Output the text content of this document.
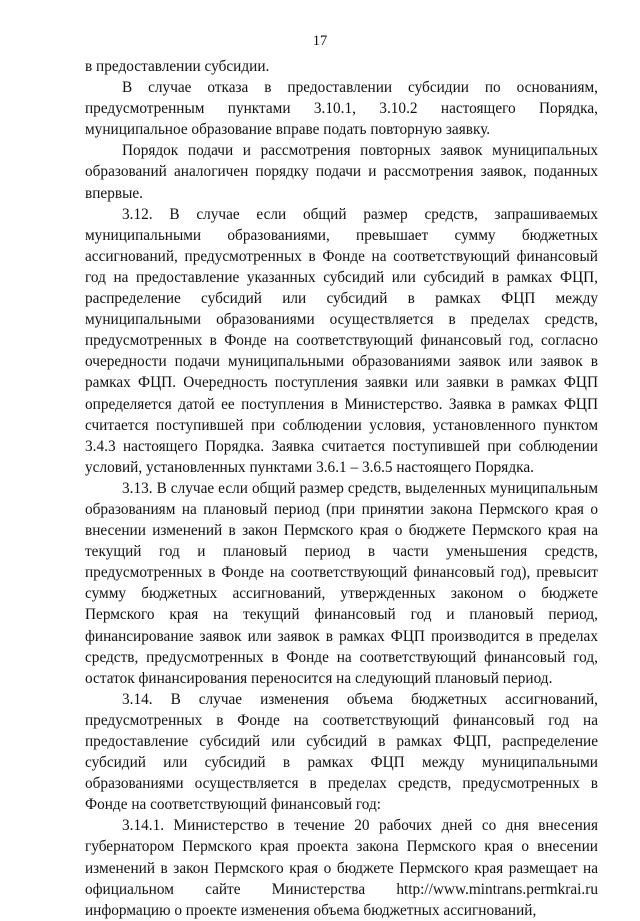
17

в предоставлении субсидии.

В случае отказа в предоставлении субсидии по основаниям, предусмотренным пунктами 3.10.1, 3.10.2 настоящего Порядка, муниципальное образование вправе подать повторную заявку.

Порядок подачи и рассмотрения повторных заявок муниципальных образований аналогичен порядку подачи и рассмотрения заявок, поданных впервые.

3.12. В случае если общий размер средств, запрашиваемых муниципальными образованиями, превышает сумму бюджетных ассигнований, предусмотренных в Фонде на соответствующий финансовый год на предоставление указанных субсидий или субсидий в рамках ФЦП, распределение субсидий или субсидий в рамках ФЦП между муниципальными образованиями осуществляется в пределах средств, предусмотренных в Фонде на соответствующий финансовый год, согласно очередности подачи муниципальными образованиями заявок или заявок в рамках ФЦП. Очередность поступления заявки или заявки в рамках ФЦП определяется датой ее поступления в Министерство. Заявка в рамках ФЦП считается поступившей при соблюдении условия, установленного пунктом 3.4.3 настоящего Порядка. Заявка считается поступившей при соблюдении условий, установленных пунктами 3.6.1 – 3.6.5 настоящего Порядка.

3.13. В случае если общий размер средств, выделенных муниципальным образованиям на плановый период (при принятии закона Пермского края о внесении изменений в закон Пермского края о бюджете Пермского края на текущий год и плановый период в части уменьшения средств, предусмотренных в Фонде на соответствующий финансовый год), превысит сумму бюджетных ассигнований, утвержденных законом о бюджете Пермского края на текущий финансовый год и плановый период, финансирование заявок или заявок в рамках ФЦП производится в пределах средств, предусмотренных в Фонде на соответствующий финансовый год, остаток финансирования переносится на следующий плановый период.

3.14. В случае изменения объема бюджетных ассигнований, предусмотренных в Фонде на соответствующий финансовый год на предоставление субсидий или субсидий в рамках ФЦП, распределение субсидий или субсидий в рамках ФЦП между муниципальными образованиями осуществляется в пределах средств, предусмотренных в Фонде на соответствующий финансовый год:

3.14.1. Министерство в течение 20 рабочих дней со дня внесения губернатором Пермского края проекта закона Пермского края о внесении изменений в закон Пермского края о бюджете Пермского края размещает на официальном сайте Министерства http://www.mintrans.permkrai.ru информацию о проекте изменения объема бюджетных ассигнований,
